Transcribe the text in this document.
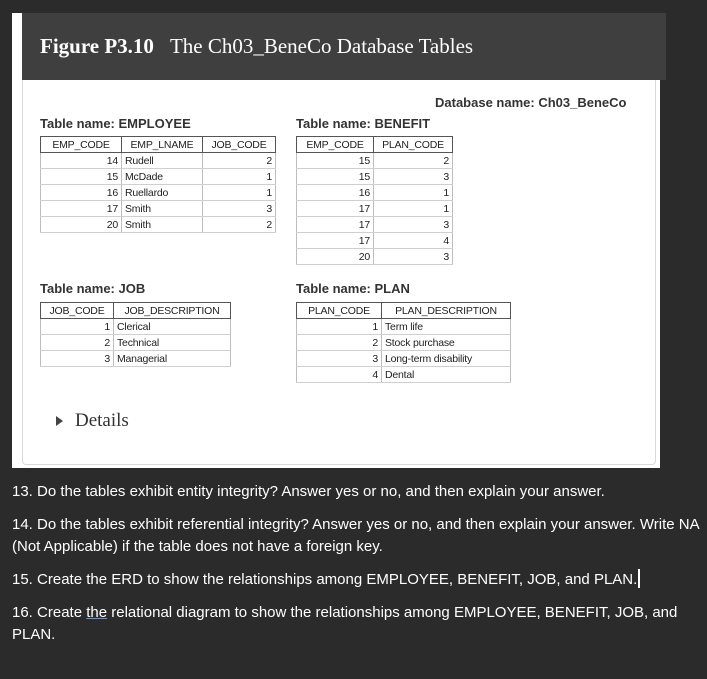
Figure P3.10 The Ch03_BeneCo Database Tables
Database name: Ch03_BeneCo
Table name: EMPLOYEE
EMP_CODE	EMP_LNAME	JOB_CODE
14	Rudell	2
15	McDade	1
16	Ruellardo	1
17	Smith	3
20	Smith	2
Table name: BENEFIT
EMP_CODE	PLAN_CODE
15	2
15	3
16	1
17	1
17	3
17	4
20	3
Table name: JOB
JOB_CODE	JOB_DESCRIPTION
1	Clerical
2	Technical
3	Managerial
Table name: PLAN
PLAN_CODE	PLAN_DESCRIPTION
1	Term life
2	Stock purchase
3	Long-term disability
4	Dental
Details

13. Do the tables exhibit entity integrity? Answer yes or no, and then explain your answer.

14. Do the tables exhibit referential integrity? Answer yes or no, and then explain your answer. Write NA (Not Applicable) if the table does not have a foreign key.

15. Create the ERD to show the relationships among EMPLOYEE, BENEFIT, JOB, and PLAN.

16. Create the relational diagram to show the relationships among EMPLOYEE, BENEFIT, JOB, and PLAN.
